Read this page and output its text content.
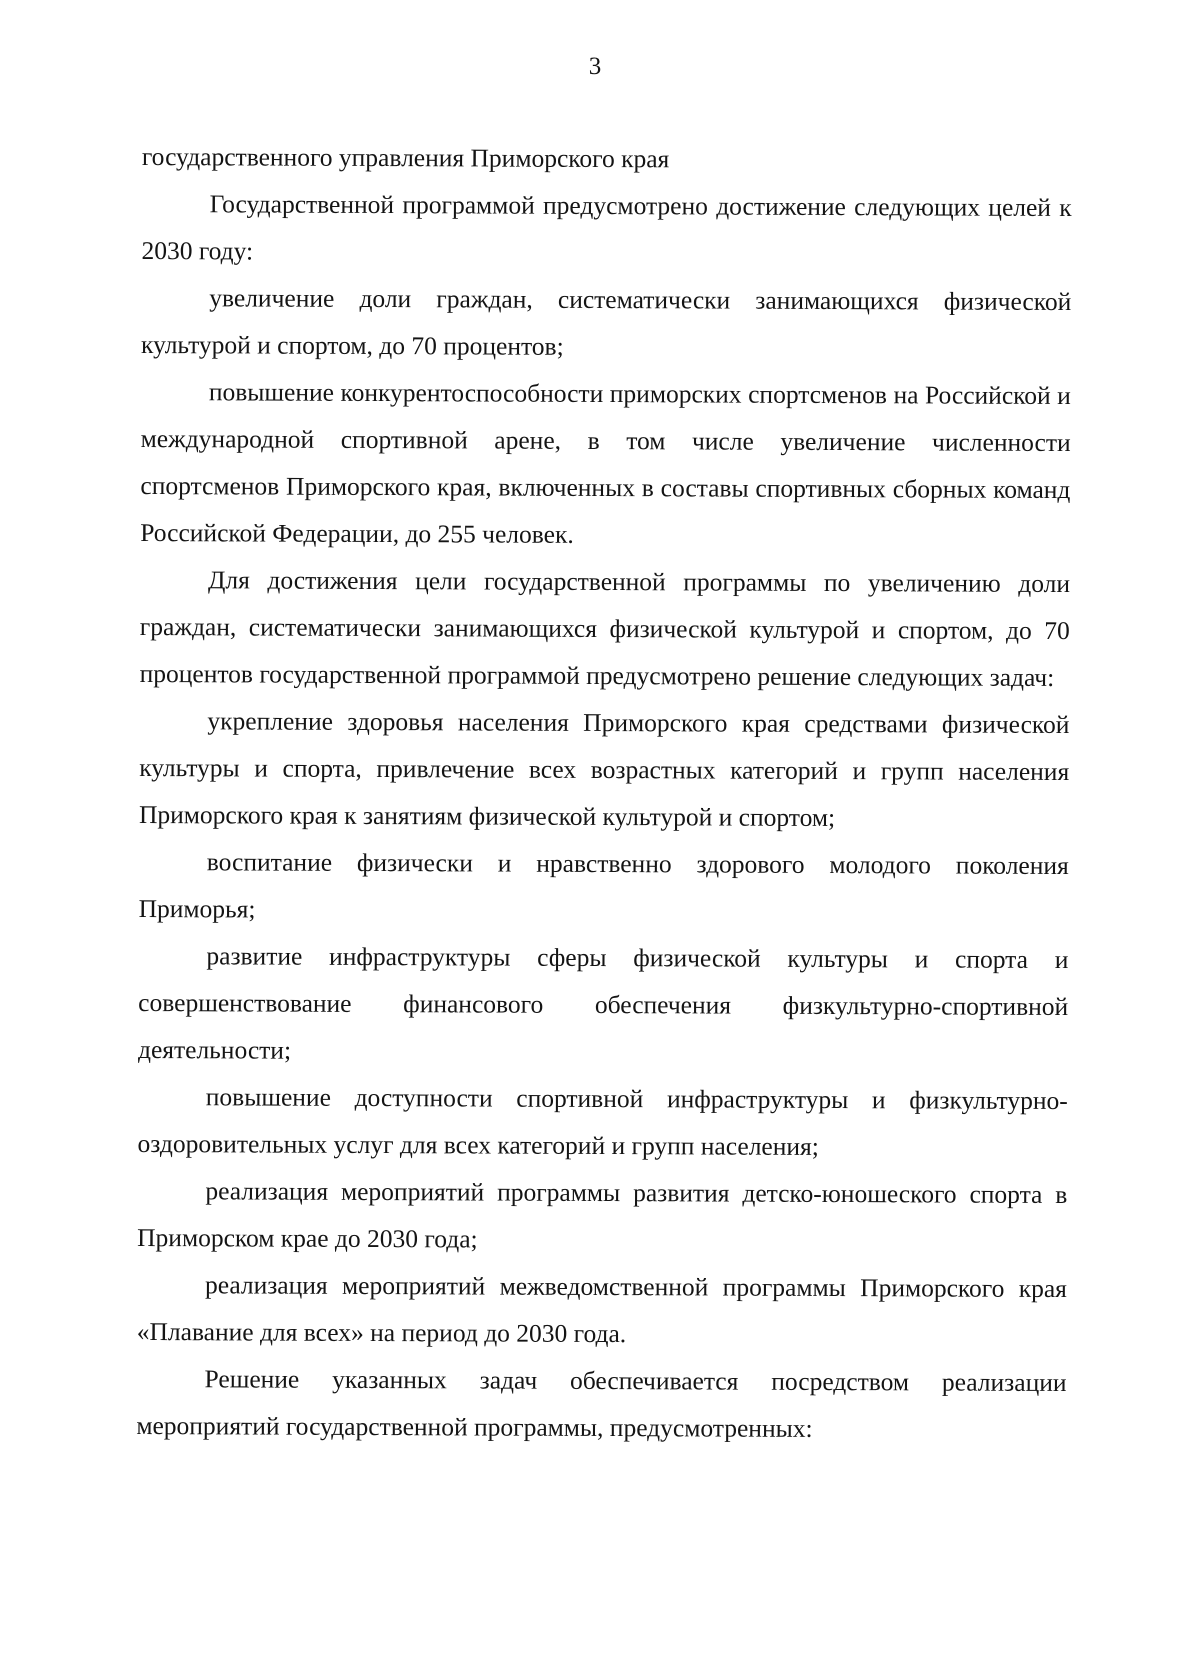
3

государственного управления Приморского края

Государственной программой предусмотрено достижение следующих целей к 2030 году:

увеличение доли граждан, систематически занимающихся физической культурой и спортом, до 70 процентов;

повышение конкурентоспособности приморских спортсменов на Российской и международной спортивной арене, в том числе увеличение численности спортсменов Приморского края, включенных в составы спортивных сборных команд Российской Федерации, до 255 человек.

Для достижения цели государственной программы по увеличению доли граждан, систематически занимающихся физической культурой и спортом, до 70 процентов государственной программой предусмотрено решение следующих задач:

укрепление здоровья населения Приморского края средствами физической культуры и спорта, привлечение всех возрастных категорий и групп населения Приморского края к занятиям физической культурой и спортом;

воспитание физически и нравственно здорового молодого поколения Приморья;

развитие инфраструктуры сферы физической культуры и спорта и совершенствование финансового обеспечения физкультурно-спортивной деятельности;

повышение доступности спортивной инфраструктуры и физкультурно-оздоровительных услуг для всех категорий и групп населения;

реализация мероприятий программы развития детско-юношеского спорта в Приморском крае до 2030 года;

реализация мероприятий межведомственной программы Приморского края «Плавание для всех» на период до 2030 года.

Решение указанных задач обеспечивается посредством реализации мероприятий государственной программы, предусмотренных:
